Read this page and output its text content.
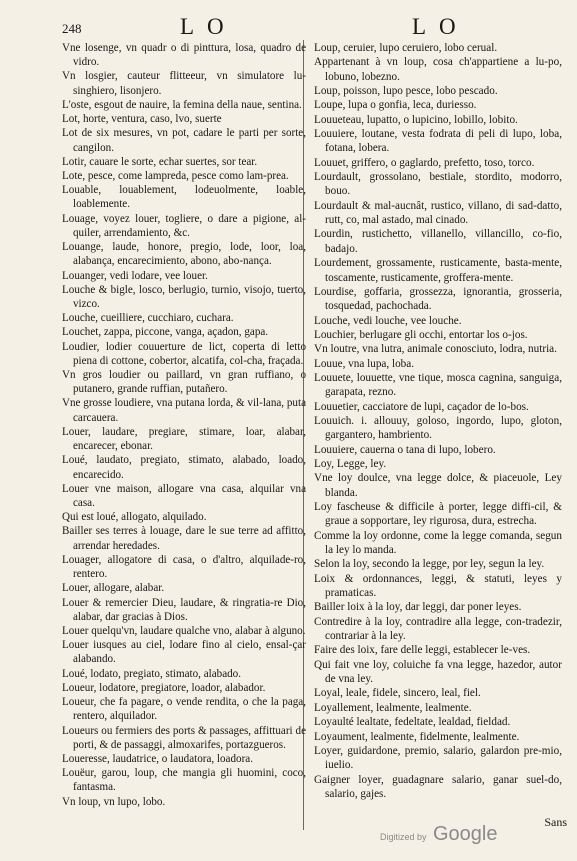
248	L O	L O

Vne losenge, vn quadr o di pinttura, losa, quadro de vidro.

Vn losgier, cauteur flitteeur, vn simulatore lu-singhiero, lisonjero.

L'oste, esgout de nauire, la femina della naue, sentina.

Lot, horte, ventura, caso, lvo, suerte

Lot de six mesures, vn pot, cadare le parti per sorte, cangilon.

Lotir, cauare le sorte, echar suertes, sor tear.

Lote, pesce, come lampreda, pesce como lam-prea.

Louable, louablement, lodeuolmente, loable, loablemente.

Louage, voyez louer, togliere, o dare a pigione, al-quiler, arrendamiento, &c.

Louange, laude, honore, pregio, lode, loor, loa, alabança, encarecimiento, abono, abo-nança.

Louanger, vedi lodare, vee louer.

Louche & bigle, losco, berlugio, turnio, visojo, tuerto, vizco.

Louche, cueilliere, cucchiaro, cuchara.

Louchet, zappa, piccone, vanga, açadon, gapa.

Loudier, lodier couuerture de lict, coperta di letto piena di cottone, cobertor, alcatifa, col-cha, fraçada.

Vn gros loudier ou paillard, vn gran ruffiano, o putanero, grande ruffian, putañero.

Vne grosse loudiere, vna putana lorda, & vil-lana, puta carcauera.

Louer, laudare, pregiare, stimare, loar, alabar, encarecer, ebonar.

Loué, laudato, pregiato, stimato, alabado, loado, encarecido.

Louer vne maison, allogare vna casa, alquilar vna casa.

Qui est loué, allogato, alquilado.

Bailler ses terres à louage, dare le sue terre ad affitto, arrendar heredades.

Louager, allogatore di casa, o d'altro, alquilade-ro, rentero.

Louer, allogare, alabar.

Louer & remercier Dieu, laudare, & ringratia-re Dio, alabar, dar gracias à Dios.

Louer quelqu'vn, laudare qualche vno, alabar à alguno.

Louer iusques au ciel, lodare fino al cielo, ensal-çar alabando.

Loué, lodato, pregiato, stimato, alabado.

Loueur, lodatore, pregiatore, loador, alabador.

Loueur, che fa pagare, o vende rendita, o che la paga, rentero, alquilador.

Loueurs ou fermiers des ports & passages, affittuari de porti, & de passaggi, almoxarifes, portazgueros.

Loueresse, laudatrice, o laudatora, loadora.

Louëur, garou, loup, che mangia gli huomini, coco, fantasma.

Vn loup, vn lupo, lobo.

Loup, ceruier, lupo ceruiero, lobo cerual.

Appartenant à vn loup, cosa ch'appartiene a lu-po, lobuno, lobezno.

Loup, poisson, lupo pesce, lobo pescado.

Loupe, lupa o gonfia, leca, duriesso.

Louueteau, lupatto, o lupicino, lobillo, lobito.

Louuiere, loutane, vesta fodrata di peli di lupo, loba, fotana, lobera.

Louuet, griffero, o gaglardo, prefetto, toso, torco.

Lourdault, grossolano, bestiale, stordito, modorro, bouo.

Lourdault & mal-aucnât, rustico, villano, di sad-datto, rutt, co, mal astado, mal cinado.

Lourdin, rustichetto, villanello, villancillo, co-fio, badajo.

Lourdement, grossamente, rusticamente, basta-mente, toscamente, rusticamente, groffera-mente.

Lourdise, goffaria, grossezza, ignorantia, grosseria, tosquedad, pachochada.

Louche, vedi louche, vee louche.

Louchier, berlugare gli occhi, entortar los o-jos.

Vn loutre, vna lutra, animale conosciuto, lodra, nutria.

Louue, vna lupa, loba.

Louuete, louuette, vne tique, mosca cagnina, sanguiga, garapata, rezno.

Louuetier, cacciatore de lupi, caçador de lo-bos.

Louuich. i. allouuy, goloso, ingordo, lupo, gloton, gargantero, hambriento.

Louuiere, cauerna o tana di lupo, lobero.

Loy, Legge, ley.

Vne loy doulce, vna legge dolce, & piaceuole, Ley blanda.

Loy fascheuse & difficile à porter, legge diffi-cil, & graue a sopportare, ley rigurosa, dura, estrecha.

Comme la loy ordonne, come la legge comanda, segun la ley lo manda.

Selon la loy, secondo la legge, por ley, segun la ley.

Loix & ordonnances, leggi, & statuti, leyes y pramaticas.

Bailler loix à la loy, dar leggi, dar poner leyes.

Contredire à la loy, contradire alla legge, con-tradezir, contrariar à la ley.

Faire des loix, fare delle leggi, establecer le-ves.

Qui fait vne loy, coluiche fa vna legge, hazedor, autor de vna ley.

Loyal, leale, fidele, sincero, leal, fiel.

Loyallement, lealmente, lealmente.

Loyaulté lealtate, fedeltate, lealdad, fieldad.

Loyaument, lealmente, fidelmente, lealmente.

Loyer, guidardone, premio, salario, galardon pre-mio, iuelio.

Gaigner loyer, guadagnare salario, ganar suel-do, salario, gajes.

Sans
Digitized by Google
